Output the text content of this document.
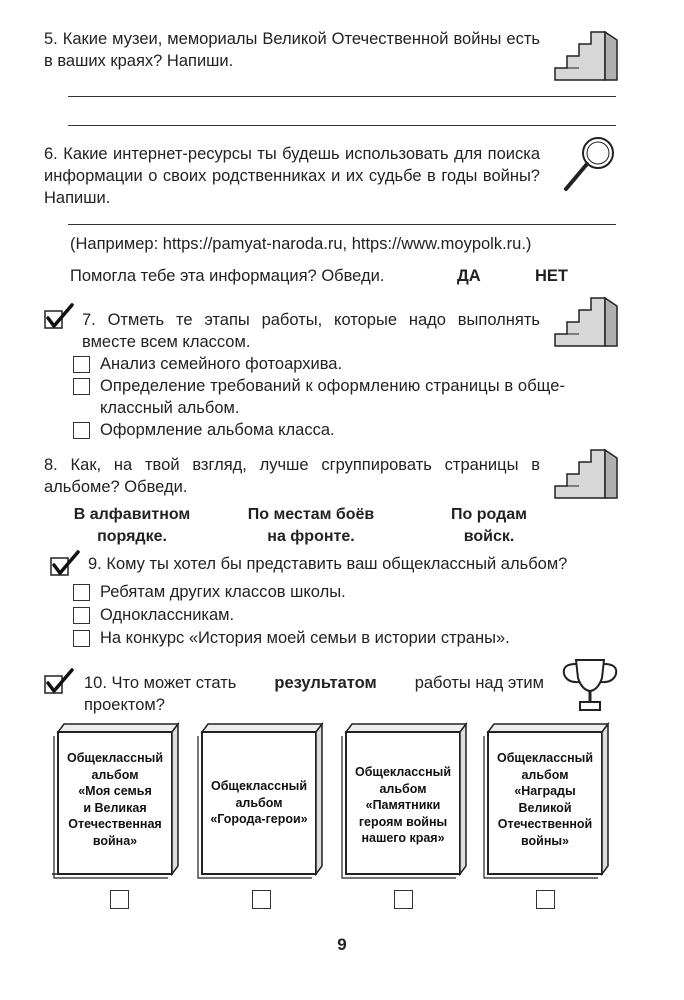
5. Какие музеи, мемориалы Великой Отечественной войны есть в ваших краях? Напиши.
6. Какие интернет-ресурсы ты будешь использовать для поиска информации о своих родственниках и их судьбе в годы войны? Напиши.
(Например: https://pamyat-naroda.ru, https://www.moypolk.ru.)
Помогла тебе эта информация? Обведи.	ДА	НЕТ
7. Отметь те этапы работы, которые надо выполнять вместе всем классом.
Анализ семейного фотоархива.
Определение требований к оформлению страницы в обще-
классный альбом.
Оформление альбома класса.
8. Как, на твой взгляд, лучше сгруппировать страницы в альбоме? Обведи.
В алфавитном
порядке.
По местам боёв
на фронте.
По родам
войск.
9. Кому ты хотел бы представить ваш общеклассный альбом?
Ребятам других классов школы.
Одноклассникам.
На конкурс «История моей семьи в истории страны».
10. Что может стать результатом работы над этим
проектом?
Общеклассный
альбом
«Моя семья
и Великая
Отечественная
война»
Общеклассный
альбом
«Города-герои»
Общеклассный
альбом
«Памятники
героям войны
нашего края»
Общеклассный
альбом
«Награды
Великой
Отечественной
войны»
9
